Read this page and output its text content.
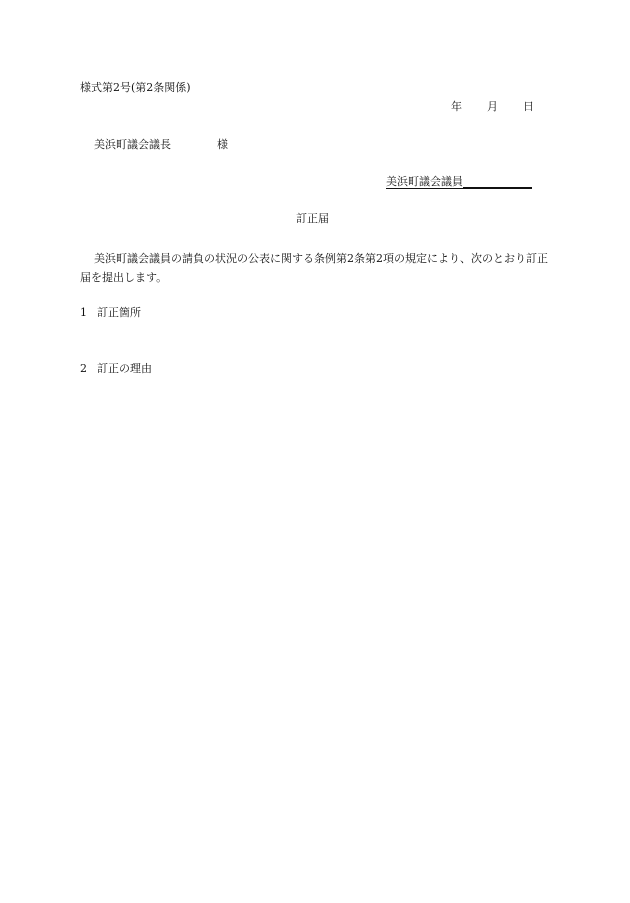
様式第2号(第2条関係)
年 月 日
美浜町議会議長	様
美浜町議会議員
訂正届
美浜町議会議員の請負の状況の公表に関する条例第2条第2項の規定により、次のとおり訂正届を提出します。
1 訂正箇所
2 訂正の理由
